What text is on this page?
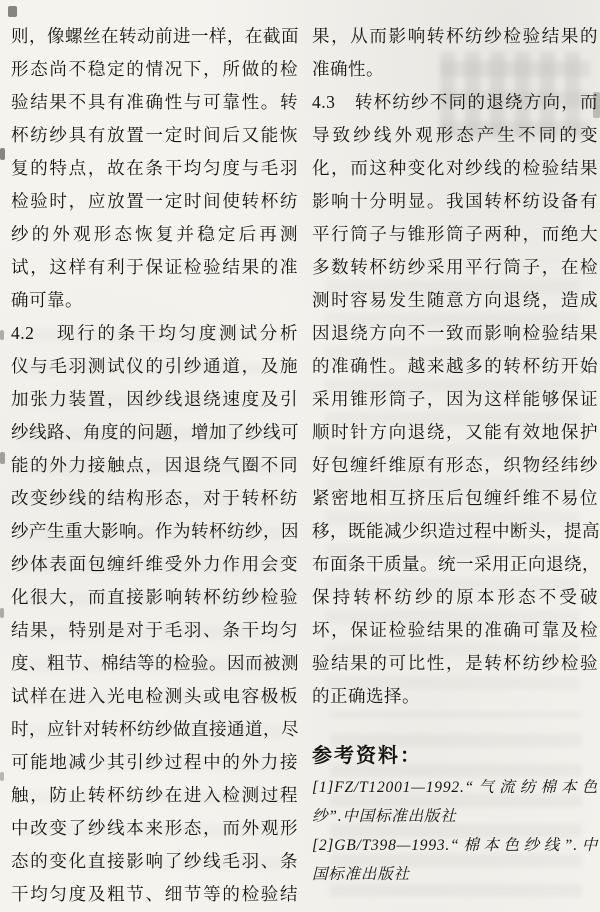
则，像螺丝在转动前进一样，在截面
形态尚不稳定的情况下，所做的检
验结果不具有准确性与可靠性。转
杯纺纱具有放置一定时间后又能恢
复的特点，故在条干均匀度与毛羽
检验时，应放置一定时间使转杯纺
纱的外观形态恢复并稳定后再测
试，这样有利于保证检验结果的准
确可靠。
4.2　现行的条干均匀度测试分析
仪与毛羽测试仪的引纱通道，及施
加张力装置，因纱线退绕速度及引
纱线路、角度的问题，增加了纱线可
能的外力接触点，因退绕气圈不同
改变纱线的结构形态，对于转杯纺
纱产生重大影响。作为转杯纺纱，因
纱体表面包缠纤维受外力作用会变
化很大，而直接影响转杯纺纱检验
结果，特别是对于毛羽、条干均匀
度、粗节、棉结等的检验。因而被测
试样在进入光电检测头或电容极板
时，应针对转杯纺纱做直接通道，尽
可能地减少其引纱过程中的外力接
触，防止转杯纺纱在进入检测过程
中改变了纱线本来形态，而外观形
态的变化直接影响了纱线毛羽、条
干均匀度及粗节、细节等的检验结
果，从而影响转杯纺纱检验结果的
准确性。
4.3　转杯纺纱不同的退绕方向，而
导致纱线外观形态产生不同的变
化，而这种变化对纱线的检验结果
影响十分明显。我国转杯纺设备有
平行筒子与锥形筒子两种，而绝大
多数转杯纺纱采用平行筒子，在检
测时容易发生随意方向退绕，造成
因退绕方向不一致而影响检验结果
的准确性。越来越多的转杯纺开始
采用锥形筒子，因为这样能够保证
顺时针方向退绕，又能有效地保护
好包缠纤维原有形态，织物经纬纱
紧密地相互挤压后包缠纤维不易位
移，既能减少织造过程中断头，提高
布面条干质量。统一采用正向退绕，
保持转杯纺纱的原本形态不受破
坏，保证检验结果的准确可靠及检
验结果的可比性，是转杯纺纱检验
的正确选择。
参考资料：
[1]FZ/T12001—1992.“气流纺棉本色
纱”.中国标准出版社
[2]GB/T398—1993.“棉本色纱线”.中
国标准出版社
